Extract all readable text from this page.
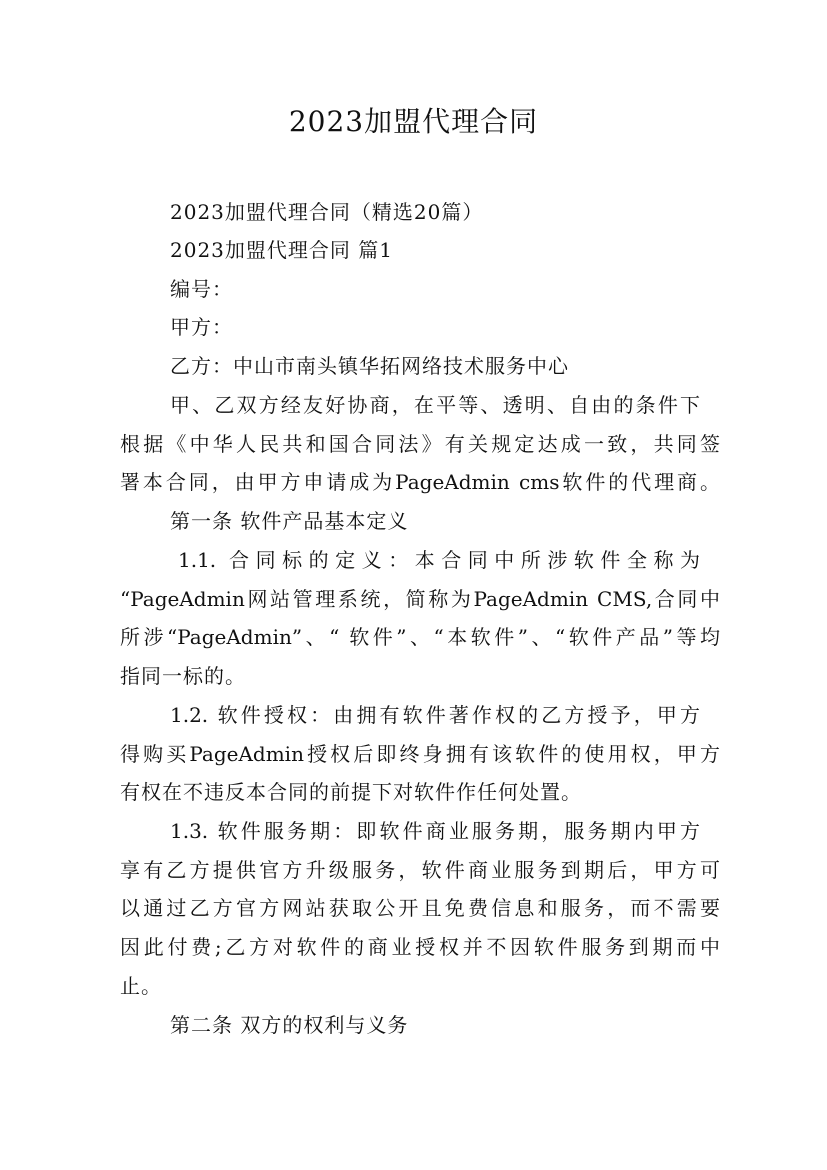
2023加盟代理合同
2023加盟代理合同（精选20篇）
2023加盟代理合同 篇1
编号：
甲方：
乙方：中山市南头镇华拓网络技术服务中心
甲、乙双方经友好协商，在平等、透明、自由的条件下
根据《中华人民共和国合同法》有关规定达成一致，共同签
署本合同，由甲方申请成为PageAdmin cms软件的代理商。
第一条 软件产品基本定义
1.1. 合同标的定义：本合同中所涉软件全称为
“PageAdmin网站管理系统，简称为PageAdmin CMS,合同中
所涉“PageAdmin”、“ 软件”、“本软件”、“软件产品”等均
指同一标的。
1.2. 软件授权：由拥有软件著作权的乙方授予，甲方
得购买PageAdmin授权后即终身拥有该软件的使用权，甲方
有权在不违反本合同的前提下对软件作任何处置。
1.3. 软件服务期：即软件商业服务期，服务期内甲方
享有乙方提供官方升级服务，软件商业服务到期后，甲方可
以通过乙方官方网站获取公开且免费信息和服务，而不需要
因此付费;乙方对软件的商业授权并不因软件服务到期而中
止。
第二条 双方的权利与义务
